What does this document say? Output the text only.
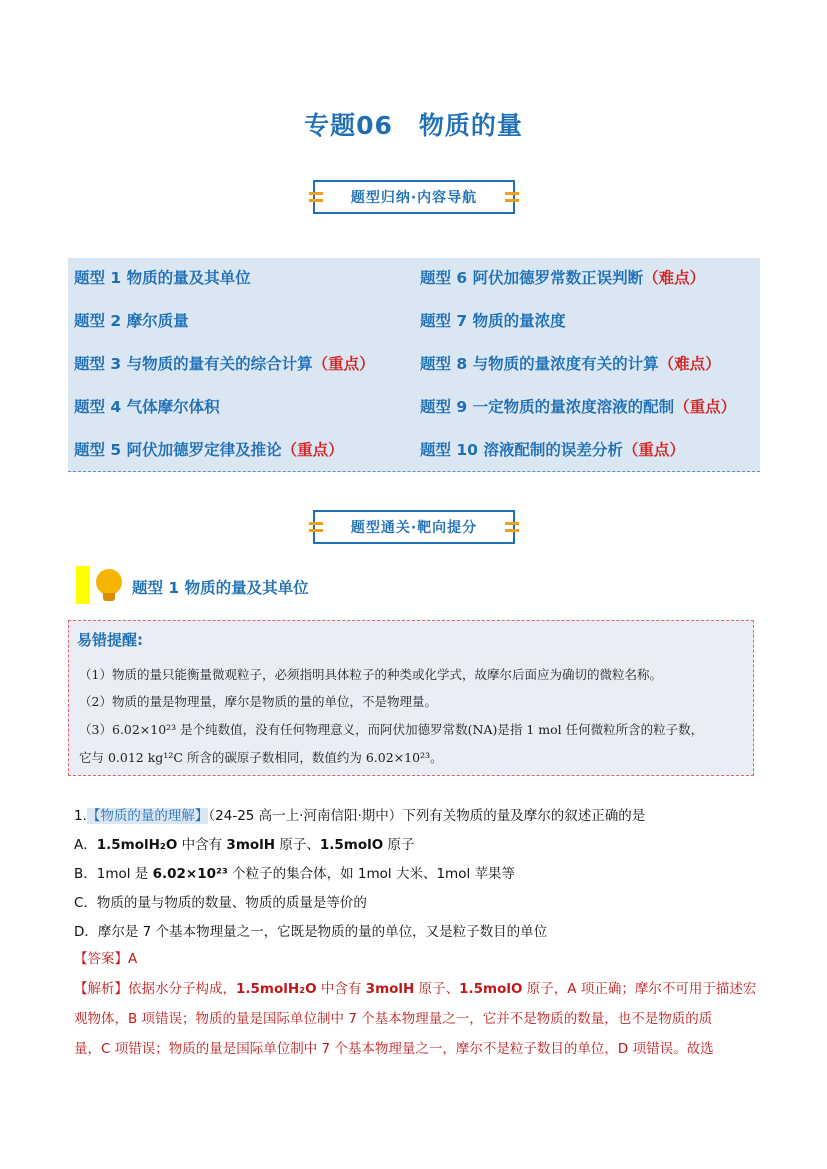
专题06　物质的量
题型归纳·内容导航
题型 1 物质的量及其单位
题型 2 摩尔质量
题型 3 与物质的量有关的综合计算（重点）
题型 4 气体摩尔体积
题型 5 阿伏加德罗定律及推论（重点）
题型 6 阿伏加德罗常数正误判断（难点）
题型 7 物质的量浓度
题型 8 与物质的量浓度有关的计算（难点）
题型 9 一定物质的量浓度溶液的配制（重点）
题型 10 溶液配制的误差分析（重点）
题型通关·靶向提分
题型 1 物质的量及其单位
易错提醒:
（1）物质的量只能衡量微观粒子，必须指明具体粒子的种类或化学式，故摩尔后面应为确切的微粒名称。
（2）物质的量是物理量，摩尔是物质的量的单位，不是物理量。
（3）6.02×10²³ 是个纯数值，没有任何物理意义，而阿伏加德罗常数(NA)是指 1 mol 任何微粒所含的粒子数，
它与 0.012 kg¹²C 所含的碳原子数相同，数值约为 6.02×10²³。
1.【物质的量的理解】（24-25 高一上·河南信阳·期中）下列有关物质的量及摩尔的叙述正确的是
A．1.5molH₂O 中含有 3molH 原子、1.5molO 原子
B．1mol 是 6.02×10²³ 个粒子的集合体，如 1mol 大米、1mol 苹果等
C．物质的量与物质的数量、物质的质量是等价的
D．摩尔是 7 个基本物理量之一，它既是物质的量的单位，又是粒子数目的单位
【答案】A
【解析】依据水分子构成，1.5molH₂O 中含有 3molH 原子、1.5molO 原子，A 项正确；摩尔不可用于描述宏
观物体，B 项错误；物质的量是国际单位制中 7 个基本物理量之一，它并不是物质的数量，也不是物质的质
量，C 项错误；物质的量是国际单位制中 7 个基本物理量之一，摩尔不是粒子数目的单位，D 项错误。故选
